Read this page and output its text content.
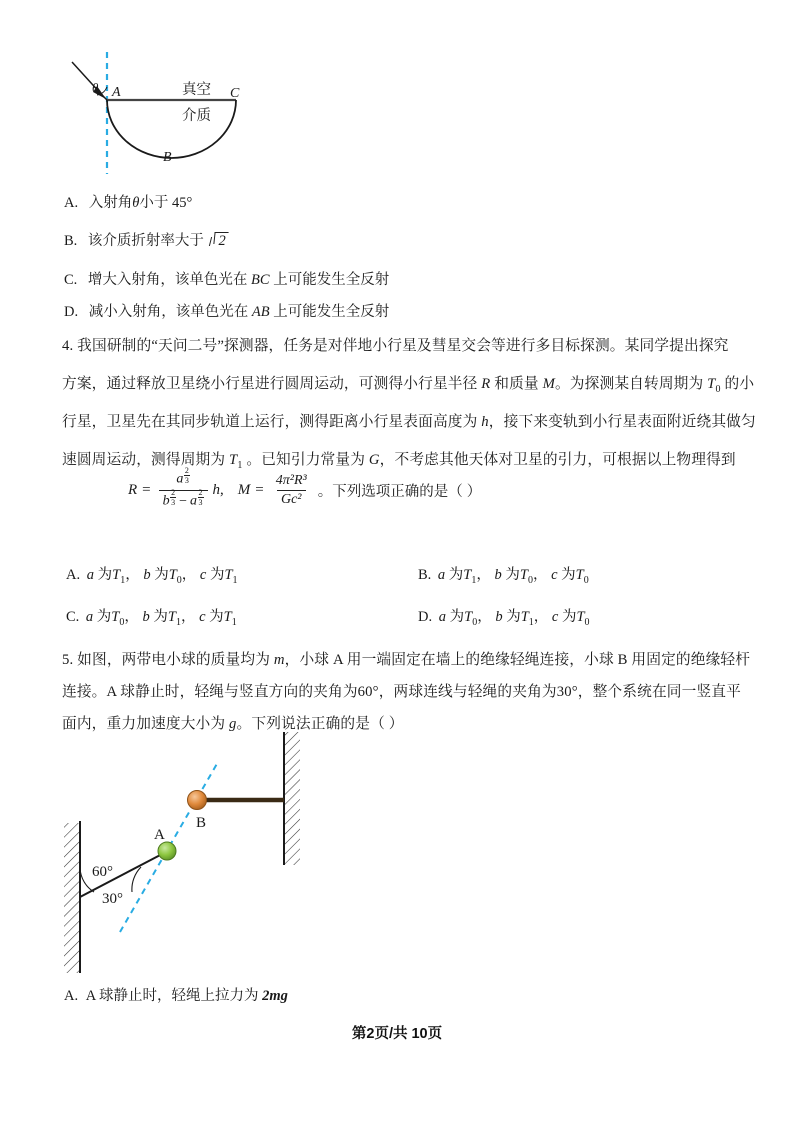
θ A
B
C
真空
介质
A. 入射角θ小于 45°
B. 该介质折射率大于 2
C. 增大入射角，该单色光在 BC 上可能发生全反射
D. 减小入射角，该单色光在 AB 上可能发生全反射
4. 我国研制的“天问二号”探测器，任务是对伴地小行星及彗星交会等进行多目标探测。某同学提出探究
方案，通过释放卫星绕小行星进行圆周运动，可测得小行星半径 R 和质量 M。为探测某自转周期为 $T_0$ 的小
行星，卫星先在其同步轨道上运行，测得距离小行星表面高度为 h，接下来变轨到小行星表面附近绕其做匀
速圆周运动，测得周期为 $T_1$ 。已知引力常量为 G，不考虑其他天体对卫星的引力，可根据以上物理得到
$R = \frac{a \frac{2}{3}}{b \frac{2}{3} - a \frac{2}{3}}$ h , $M = \frac{\text{4π²R³}}{\text{Gc²}}$ 。下列选项正确的是（ ）
A. a 为$T_1$， b 为$T_0$， c 为$T_1$	B. a 为$T_1$， b 为$T_0$， c 为$T_0$
C. a 为$T_0$， b 为$T_1$， c 为$T_1$	D. a 为$T_0$， b 为$T_1$， c 为$T_0$
5. 如图，两带电小球的质量均为 m，小球 A 用一端固定在墙上的绝缘轻绳连接，小球 B 用固定的绝缘轻杆
连接。A 球静止时，轻绳与竖直方向的夹角为60°，两球连线与轻绳的夹角为30°，整个系统在同一竖直平
面内，重力加速度大小为 g。下列说法正确的是（ ）
A
B
60°
30°
A. A 球静止时，轻绳上拉力为 2mg
第2页/共 10页
